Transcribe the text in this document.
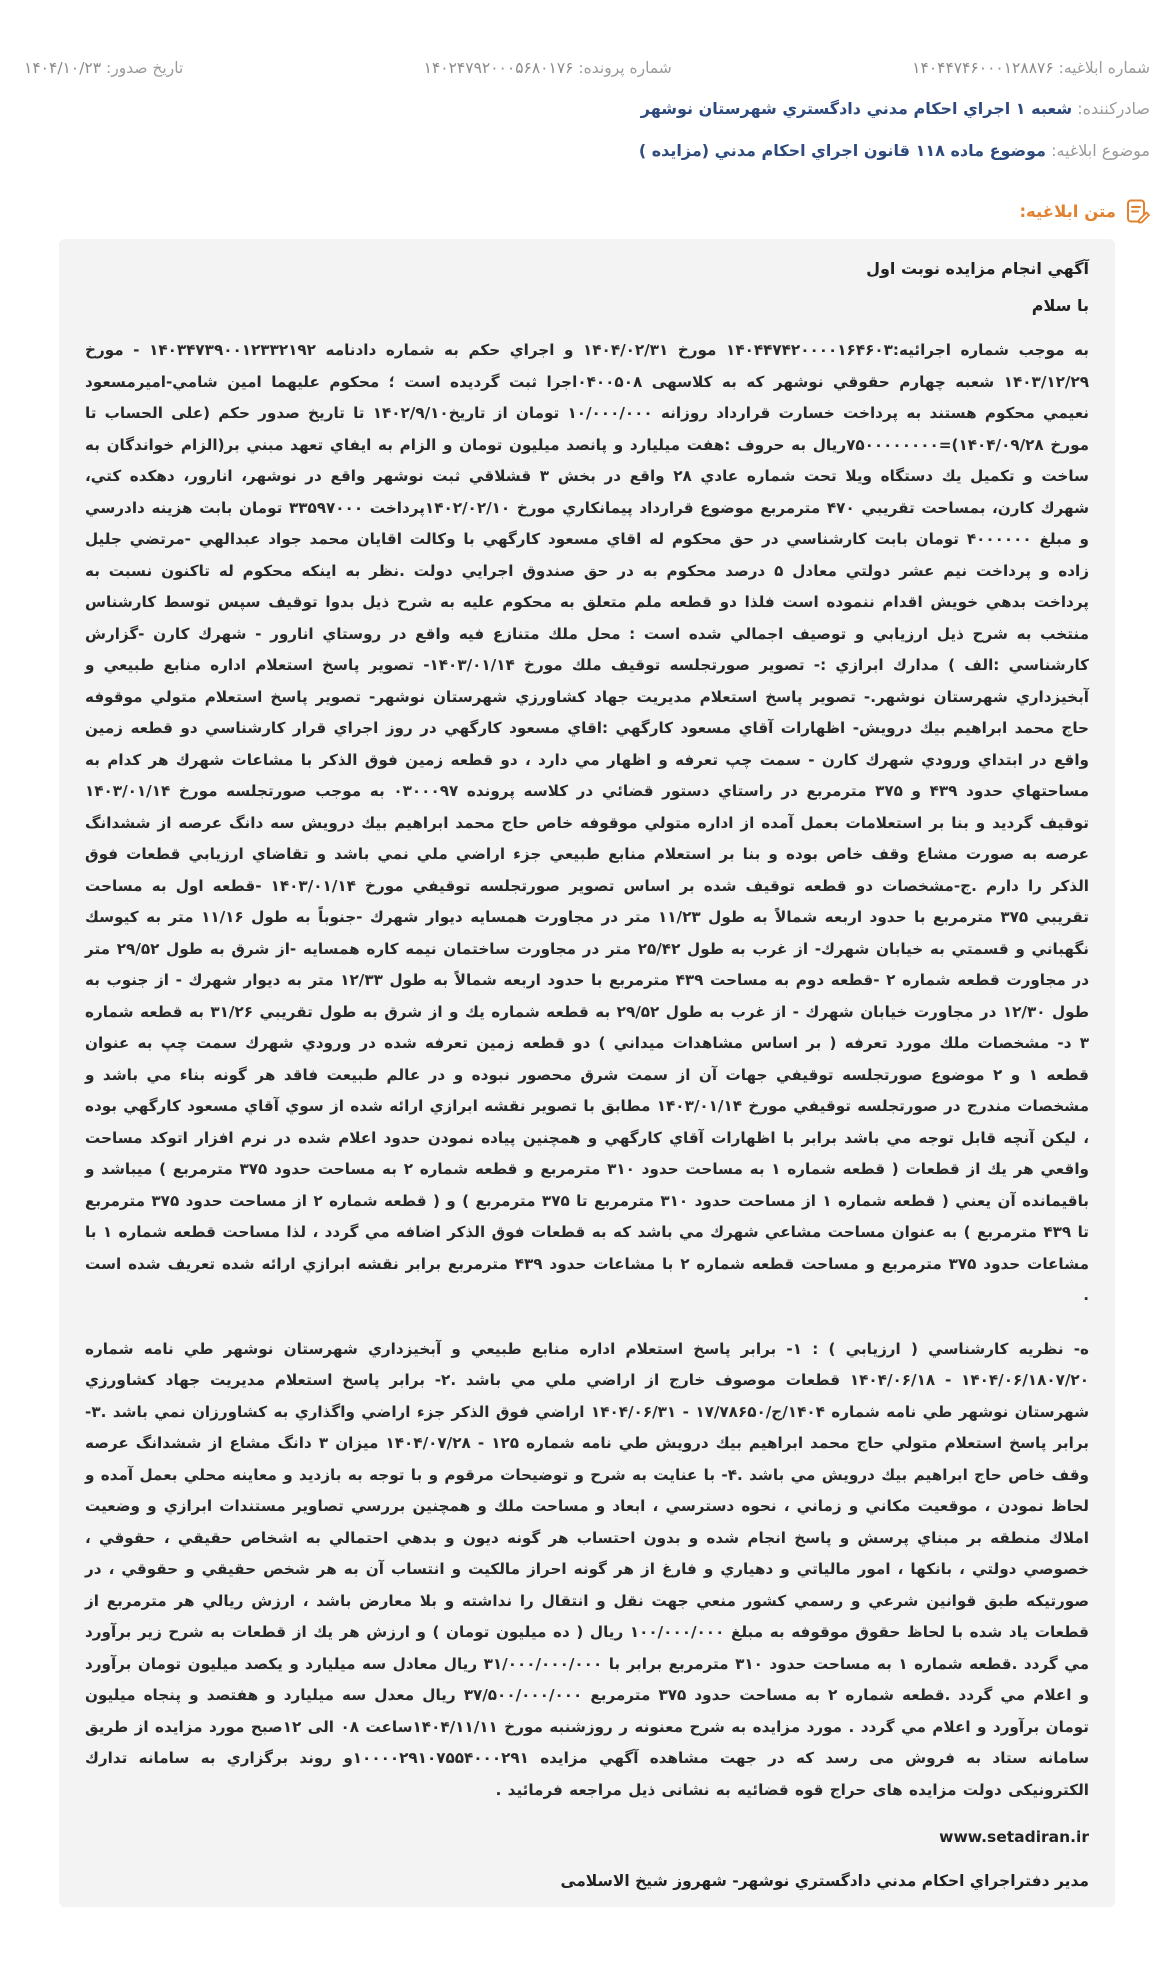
شماره ابلاغيه: ۱۴۰۴۴۷۴۶۰۰۰۱۲۸۸۷۶
شماره پرونده: ۱۴۰۲۴۷۹۲۰۰۰۵۶۸۰۱۷۶
تاريخ صدور: ۱۴۰۴/۱۰/۲۳
صادرکننده: شعبه ۱ اجراي احکام مدني دادگستري شهرستان نوشهر
موضوع ابلاغيه: موضوع ماده ۱۱۸ قانون اجراي احکام مدني (مزايده )
متن ابلاغيه:
آگهي انجام مزايده نوبت اول
با سلام

به موجب شماره اجرائيه:۱۴۰۴۴۷۴۲۰۰۰۰۱۶۴۶۰۳ مورخ ۱۴۰۴/۰۲/۳۱ و اجراي حکم به شماره دادنامه ۱۴۰۳۴۷۳۹۰۰۱۲۳۳۲۱۹۲ - مورخ ۱۴۰۳/۱۲/۲۹ شعبه چهارم حقوقي نوشهر که به کلاسهی ۰۴۰۰۵۰۸اجرا ثبت گرديده است ؛ محکوم عليهما امين شامي-اميرمسعود نعيمي محکوم هستند به پرداخت خسارت قرارداد روزانه ۱۰/۰۰۰/۰۰۰ تومان از تاريخ۱۴۰۲/۹/۱۰ تا تاريخ صدور حکم (علی الحساب تا مورخ ۱۴۰۴/۰۹/۲۸)=۷۵۰۰۰۰۰۰۰۰ريال به حروف :هفت ميليارد و پانصد ميليون تومان و الزام به ايفاي تعهد مبني بر(الزام خواندگان به ساخت و تکميل يك دستگاه ويلا تحت شماره عادي ۲۸ واقع در بخش ۳ قشلاقي ثبت نوشهر واقع در نوشهر، انارور، دهکده کتي، شهرك کارن، بمساحت تقريبي ۴۷۰ مترمربع موضوع قرارداد پيمانکاري مورخ ۱۴۰۲/۰۲/۱۰پرداخت ۳۳۵۹۷۰۰۰ تومان بابت هزينه دادرسي و مبلغ ۴۰۰۰۰۰۰ تومان بابت کارشناسي در حق محکوم له اقاي مسعود کارگهي با وکالت اقايان محمد جواد عبدالهي -مرتضي جليل زاده و پرداخت نيم عشر دولتي معادل ۵ درصد محکوم به در حق صندوق اجرايي دولت .نظر به اينکه محکوم له تاکنون نسبت به پرداخت بدهي خويش اقدام ننموده است فلذا دو قطعه ملم متعلق به محکوم عليه به شرح ذيل بدوا توقيف سپس توسط کارشناس منتخب به شرح ذيل ارزيابي و توصيف اجمالي شده است : محل ملك متنازع فيه واقع در روستاي انارور - شهرك کارن -گزارش کارشناسي :الف ) مدارك ابرازي :- تصوير صورتجلسه توقيف ملك مورخ ۱۴۰۳/۰۱/۱۴- تصوير پاسخ استعلام اداره منابع طبيعي و آبخيزداري شهرستان نوشهر.- تصوير پاسخ استعلام مديريت جهاد کشاورزي شهرستان نوشهر- تصوير پاسخ استعلام متولي موقوفه حاج محمد ابراهيم بيك درويش- اظهارات آقاي مسعود کارگهي :اقاي مسعود کارگهي در روز اجراي قرار کارشناسي دو قطعه زمين واقع در ابتداي ورودي شهرك کارن - سمت چپ تعرفه و اظهار مي دارد ، دو قطعه زمين فوق الذکر با مشاعات شهرك هر کدام به مساحتهاي حدود ۴۳۹ و ۳۷۵ مترمربع در راستاي دستور قضائي در کلاسه پرونده ۰۳۰۰۰۹۷ به موجب صورتجلسه مورخ ۱۴۰۳/۰۱/۱۴ توقيف گرديد و بنا بر استعلامات بعمل آمده از اداره متولي موقوفه خاص حاج محمد ابراهيم بيك درويش سه دانگ عرصه از ششدانگ عرصه به صورت مشاع وقف خاص بوده و بنا بر استعلام منابع طبيعي جزء اراضي ملي نمي باشد و تقاضاي ارزيابي قطعات فوق الذکر را دارم .ج-مشخصات دو قطعه توقيف شده بر اساس تصوير صورتجلسه توقيفي مورخ ۱۴۰۳/۰۱/۱۴ -قطعه اول به مساحت تقريبي ۳۷۵ مترمربع با حدود اربعه شمالاً به طول ۱۱/۲۳ متر در مجاورت همسايه ديوار شهرك -جنوباً به طول ۱۱/۱۶ متر به کيوسك نگهباني و قسمتي به خيابان شهرك- از غرب به طول ۲۵/۴۲ متر در مجاورت ساختمان نيمه کاره همسايه -از شرق به طول ۲۹/۵۲ متر در مجاورت قطعه شماره ۲ -قطعه دوم به مساحت ۴۳۹ مترمربع با حدود اربعه شمالاً به طول ۱۲/۳۳ متر به ديوار شهرك - از جنوب به طول ۱۲/۳۰ در مجاورت خيابان شهرك - از غرب به طول ۲۹/۵۲ به قطعه شماره يك و از شرق به طول تقريبي ۳۱/۲۶ به قطعه شماره ۳ د- مشخصات ملك مورد تعرفه ( بر اساس مشاهدات ميداني ) دو قطعه زمين تعرفه شده در ورودي شهرك سمت چپ به عنوان قطعه ۱ و ۲ موضوع صورتجلسه توقيفي جهات آن از سمت شرق محصور نبوده و در عالم طبيعت فاقد هر گونه بناء مي باشد و مشخصات مندرج در صورتجلسه توقيفي مورخ ۱۴۰۳/۰۱/۱۴ مطابق با تصوير نقشه ابرازي ارائه شده از سوي آقاي مسعود کارگهي بوده ، ليکن آنچه قابل توجه مي باشد برابر با اظهارات آقاي کارگهي و همچنين پياده نمودن حدود اعلام شده در نرم افزار اتوکد مساحت واقعي هر يك از قطعات ( قطعه شماره ۱ به مساحت حدود ۳۱۰ مترمربع و قطعه شماره ۲ به مساحت حدود ۳۷۵ مترمربع ) ميباشد و باقيمانده آن يعني ( قطعه شماره ۱ از مساحت حدود ۳۱۰ مترمربع تا ۳۷۵ مترمربع ) و ( قطعه شماره ۲ از مساحت حدود ۳۷۵ مترمربع تا ۴۳۹ مترمربع ) به عنوان مساحت مشاعي شهرك مي باشد که به قطعات فوق الذکر اضافه مي گردد ، لذا مساحت قطعه شماره ۱ با مشاعات حدود ۳۷۵ مترمربع و مساحت قطعه شماره ۲ با مشاعات حدود ۴۳۹ مترمربع برابر نقشه ابرازي ارائه شده تعريف شده است .

ه- نظريه کارشناسي ( ارزيابي ) : ۱- برابر پاسخ استعلام اداره منابع طبيعي و آبخيزداري شهرستان نوشهر طي نامه شماره ۱۴۰۴/۰۶/۱۸۰۷/۲۰ - ۱۴۰۴/۰۶/۱۸ قطعات موصوف خارج از اراضي ملي مي باشد .۲- برابر پاسخ استعلام مديريت جهاد کشاورزي شهرستان نوشهر طي نامه شماره ۱۴۰۴/ج/۱۷/۷۸۶۵۰ - ۱۴۰۴/۰۶/۳۱ اراضي فوق الذکر جزء اراضي واگذاري به کشاورزان نمي باشد .۳- برابر پاسخ استعلام متولي حاج محمد ابراهيم بيك درويش طي نامه شماره ۱۲۵ - ۱۴۰۴/۰۷/۲۸ ميزان ۳ دانگ مشاع از ششدانگ عرصه وقف خاص حاج ابراهيم بيك درويش مي باشد .۴- با عنايت به شرح و توضيحات مرقوم و با توجه به بازديد و معاينه محلي بعمل آمده و لحاظ نمودن ، موقعيت مکاني و زماني ، نحوه دسترسي ، ابعاد و مساحت ملك و همچنين بررسي تصاوير مستندات ابرازي و وضعيت املاك منطقه بر مبناي پرسش و پاسخ انجام شده و بدون احتساب هر گونه ديون و بدهي احتمالي به اشخاص حقيقي ، حقوقي ، خصوصي دولتي ، بانکها ، امور مالياتي و دهياري و فارغ از هر گونه احراز مالکيت و انتساب آن به هر شخص حقيقي و حقوقي ، در صورتيکه طبق قوانين شرعي و رسمي کشور منعي جهت نقل و انتقال را نداشته و بلا معارض باشد ، ارزش ريالي هر مترمربع از قطعات ياد شده با لحاظ حقوق موقوفه به مبلغ ۱۰۰/۰۰۰/۰۰۰ ريال ( ده ميليون تومان ) و ارزش هر يك از قطعات به شرح زير برآورد مي گردد .قطعه شماره ۱ به مساحت حدود ۳۱۰ مترمربع برابر با ۳۱/۰۰۰/۰۰۰/۰۰۰ ريال معادل سه ميليارد و يکصد ميليون تومان برآورد و اعلام مي گردد .قطعه شماره ۲ به مساحت حدود ۳۷۵ مترمربع ۳۷/۵۰۰/۰۰۰/۰۰۰ ريال معدل سه ميليارد و هفتصد و پنجاه ميليون تومان برآورد و اعلام مي گردد . مورد مزايده به شرح معنونه ر روزشنبه مورخ ۱۴۰۴/۱۱/۱۱ساعت ۰۸ الی ۱۲صبح مورد مزايده از طريق سامانه ستاد به فروش می رسد که در جهت مشاهده آگهي مزايده ۱۰۰۰۰۲۹۱۰۷۵۵۴۰۰۰۲۹۱و روند برگزاري به سامانه تدارك الکترونيکی دولت مزايده های حراج قوه قضائيه به نشانی ذيل مراجعه فرمائيد .

www.setadiran.ir
مدير دفتراجراي احکام مدني دادگستري نوشهر- شهروز شيخ الاسلامی
